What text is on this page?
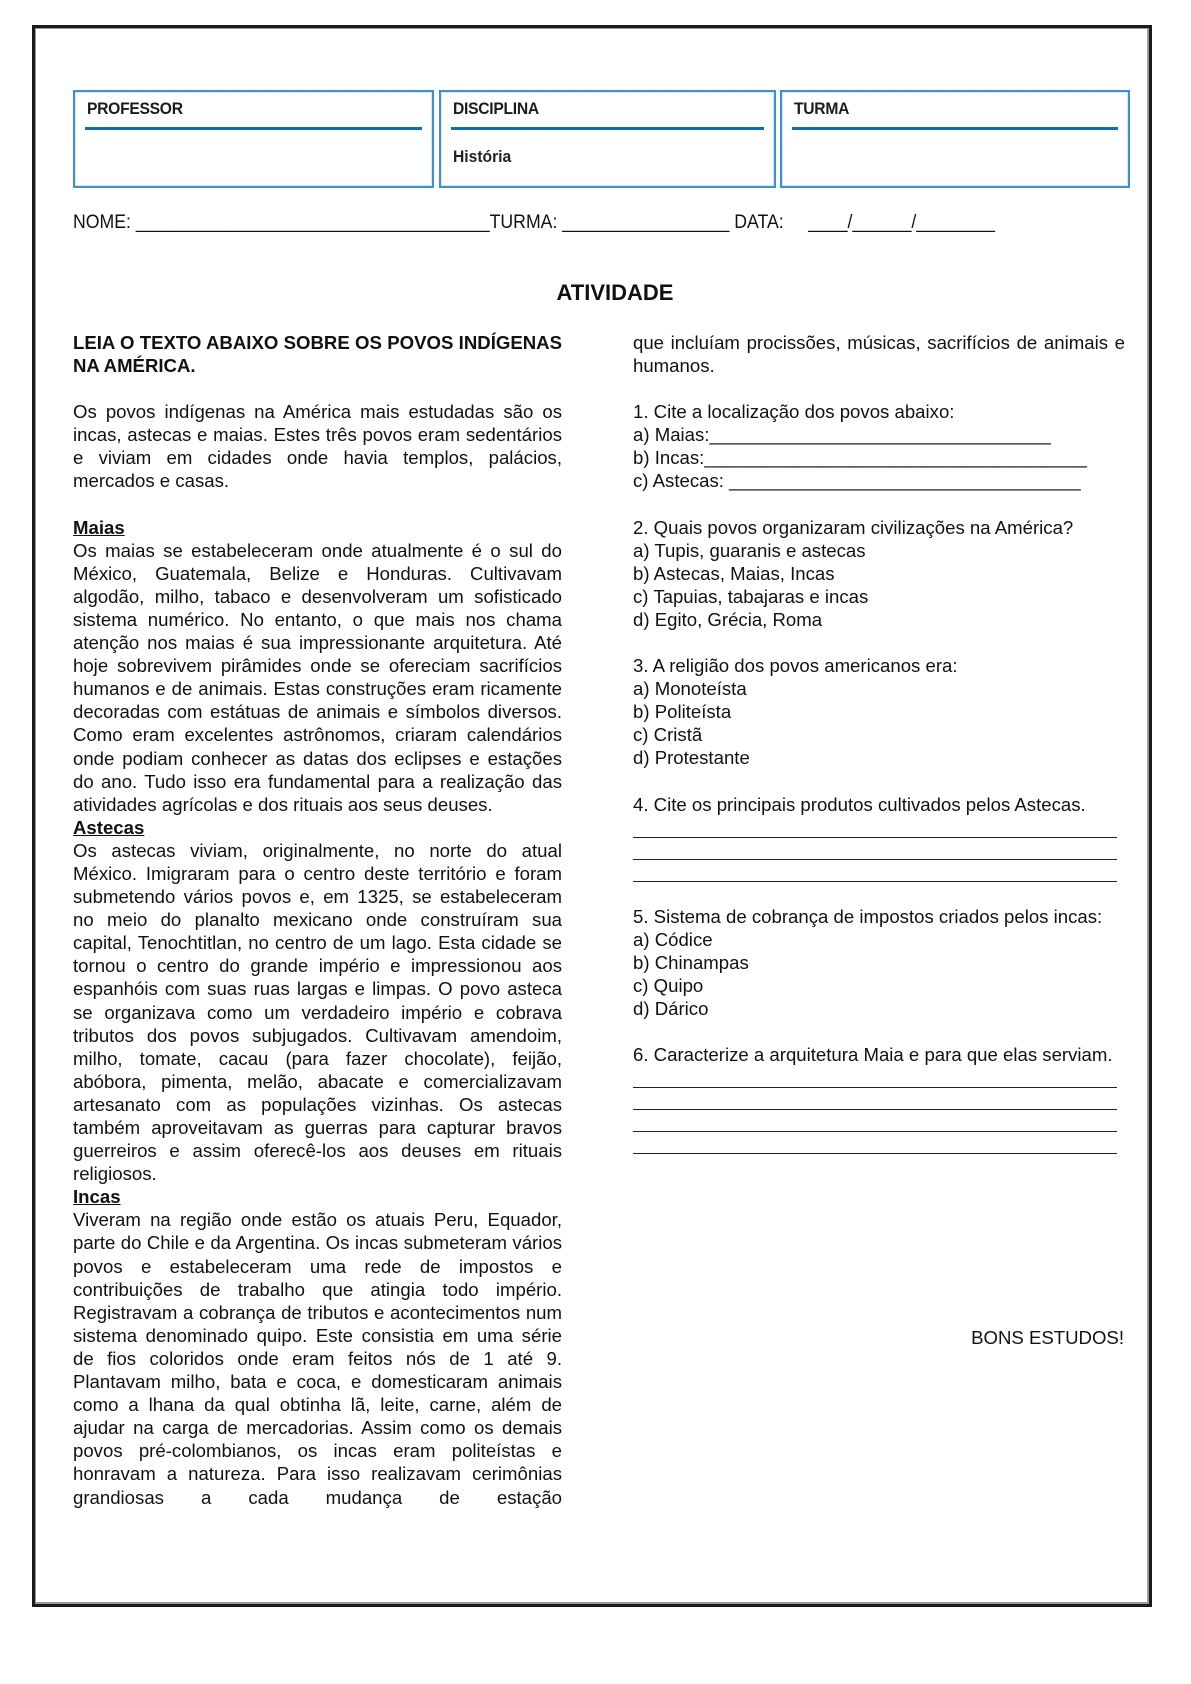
PROFESSOR	DISCIPLINA
História
TURMA
NOME: ____________________________________TURMA: _________________ DATA: ____/______/________
ATIVIDADE

LEIA O TEXTO ABAIXO SOBRE OS POVOS INDÍGENAS NA AMÉRICA.

Os povos indígenas na América mais estudadas são os incas, astecas e maias. Estes três povos eram sedentários e viviam em cidades onde havia templos, palácios, mercados e casas.

Maias

Os maias se estabeleceram onde atualmente é o sul do México, Guatemala, Belize e Honduras. Cultivavam algodão, milho, tabaco e desenvolveram um sofisticado sistema numérico. No entanto, o que mais nos chama atenção nos maias é sua impressionante arquitetura. Até hoje sobrevivem pirâmides onde se ofereciam sacrifícios humanos e de animais. Estas construções eram ricamente decoradas com estátuas de animais e símbolos diversos. Como eram excelentes astrônomos, criaram calendários onde podiam conhecer as datas dos eclipses e estações do ano. Tudo isso era fundamental para a realização das atividades agrícolas e dos rituais aos seus deuses.

Astecas

Os astecas viviam, originalmente, no norte do atual México. Imigraram para o centro deste território e foram submetendo vários povos e, em 1325, se estabeleceram no meio do planalto mexicano onde construíram sua capital, Tenochtitlan, no centro de um lago. Esta cidade se tornou o centro do grande império e impressionou aos espanhóis com suas ruas largas e limpas. O povo asteca se organizava como um verdadeiro império e cobrava tributos dos povos subjugados. Cultivavam amendoim, milho, tomate, cacau (para fazer chocolate), feijão, abóbora, pimenta, melão, abacate e comercializavam artesanato com as populações vizinhas. Os astecas também aproveitavam as guerras para capturar bravos guerreiros e assim oferecê-los aos deuses em rituais religiosos.

Incas

Viveram na região onde estão os atuais Peru, Equador, parte do Chile e da Argentina. Os incas submeteram vários povos e estabeleceram uma rede de impostos e contribuições de trabalho que atingia todo império. Registravam a cobrança de tributos e acontecimentos num sistema denominado quipo. Este consistia em uma série de fios coloridos onde eram feitos nós de 1 até 9. Plantavam milho, bata e coca, e domesticaram animais como a lhana da qual obtinha lã, leite, carne, além de ajudar na carga de mercadorias. Assim como os demais povos pré-colombianos, os incas eram politeístas e honravam a natureza. Para isso realizavam cerimônias grandiosas a cada mudança de estação

que incluíam procissões, músicas, sacrifícios de animais e humanos.

1. Cite a localização dos povos abaixo:

a) Maias:_________________________________

b) Incas:_____________________________________

c) Astecas: __________________________________

2. Quais povos organizaram civilizações na América?

a) Tupis, guaranis e astecas

b) Astecas, Maias, Incas

c) Tapuias, tabajaras e incas

d) Egito, Grécia, Roma

3. A religião dos povos americanos era:

a) Monoteísta

b) Politeísta

c) Cristã

d) Protestante

4. Cite os principais produtos cultivados pelos Astecas.

5. Sistema de cobrança de impostos criados pelos incas:

a) Códice

b) Chinampas

c) Quipo

d) Dárico

6. Caracterize a arquitetura Maia e para que elas serviam.

BONS ESTUDOS!
